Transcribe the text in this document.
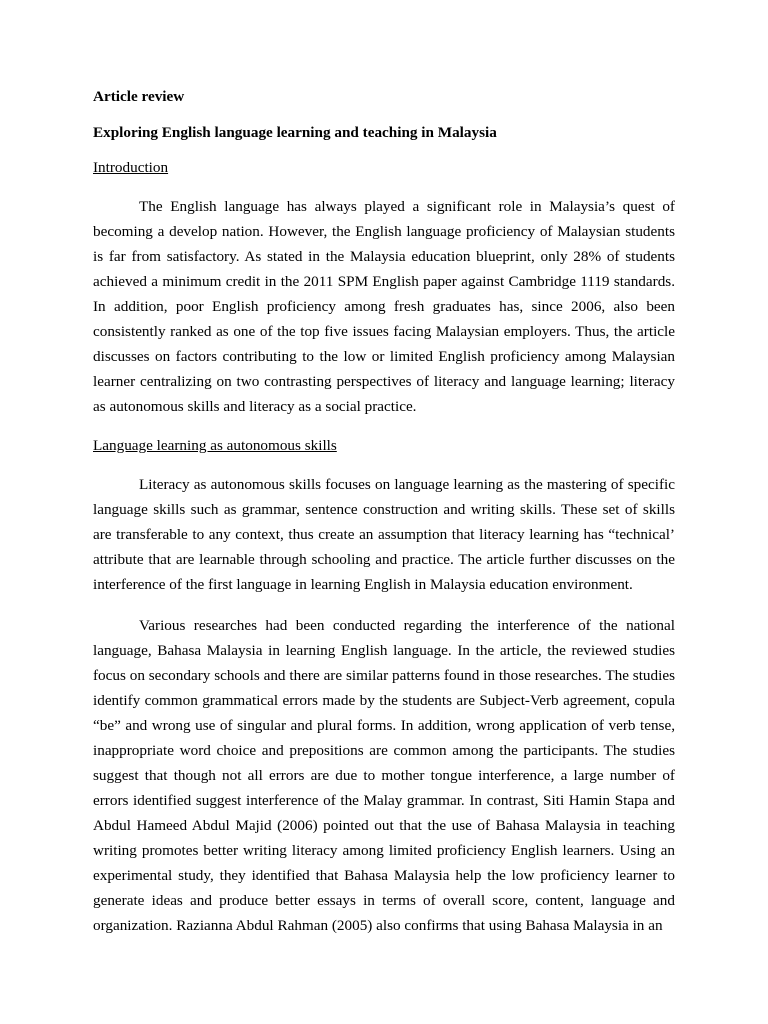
Article review

Exploring English language learning and teaching in Malaysia

Introduction

The English language has always played a significant role in Malaysia’s quest of becoming a develop nation. However, the English language proficiency of Malaysian students is far from satisfactory. As stated in the Malaysia education blueprint, only 28% of students achieved a minimum credit in the 2011 SPM English paper against Cambridge 1119 standards. In addition, poor English proficiency among fresh graduates has, since 2006, also been consistently ranked as one of the top five issues facing Malaysian employers. Thus, the article discusses on factors contributing to the low or limited English proficiency among Malaysian learner centralizing on two contrasting perspectives of literacy and language learning; literacy as autonomous skills and literacy as a social practice.

Language learning as autonomous skills

Literacy as autonomous skills focuses on language learning as the mastering of specific language skills such as grammar, sentence construction and writing skills. These set of skills are transferable to any context, thus create an assumption that literacy learning has “technical’ attribute that are learnable through schooling and practice. The article further discusses on the interference of the first language in learning English in Malaysia education environment.

Various researches had been conducted regarding the interference of the national language, Bahasa Malaysia in learning English language. In the article, the reviewed studies focus on secondary schools and there are similar patterns found in those researches. The studies identify common grammatical errors made by the students are Subject-Verb agreement, copula “be” and wrong use of singular and plural forms. In addition, wrong application of verb tense, inappropriate word choice and prepositions are common among the participants. The studies suggest that though not all errors are due to mother tongue interference, a large number of errors identified suggest interference of the Malay grammar. In contrast, Siti Hamin Stapa and Abdul Hameed Abdul Majid (2006) pointed out that the use of Bahasa Malaysia in teaching writing promotes better writing literacy among limited proficiency English learners. Using an experimental study, they identified that Bahasa Malaysia help the low proficiency learner to generate ideas and produce better essays in terms of overall score, content, language and organization. Razianna Abdul Rahman (2005) also confirms that using Bahasa Malaysia in an
